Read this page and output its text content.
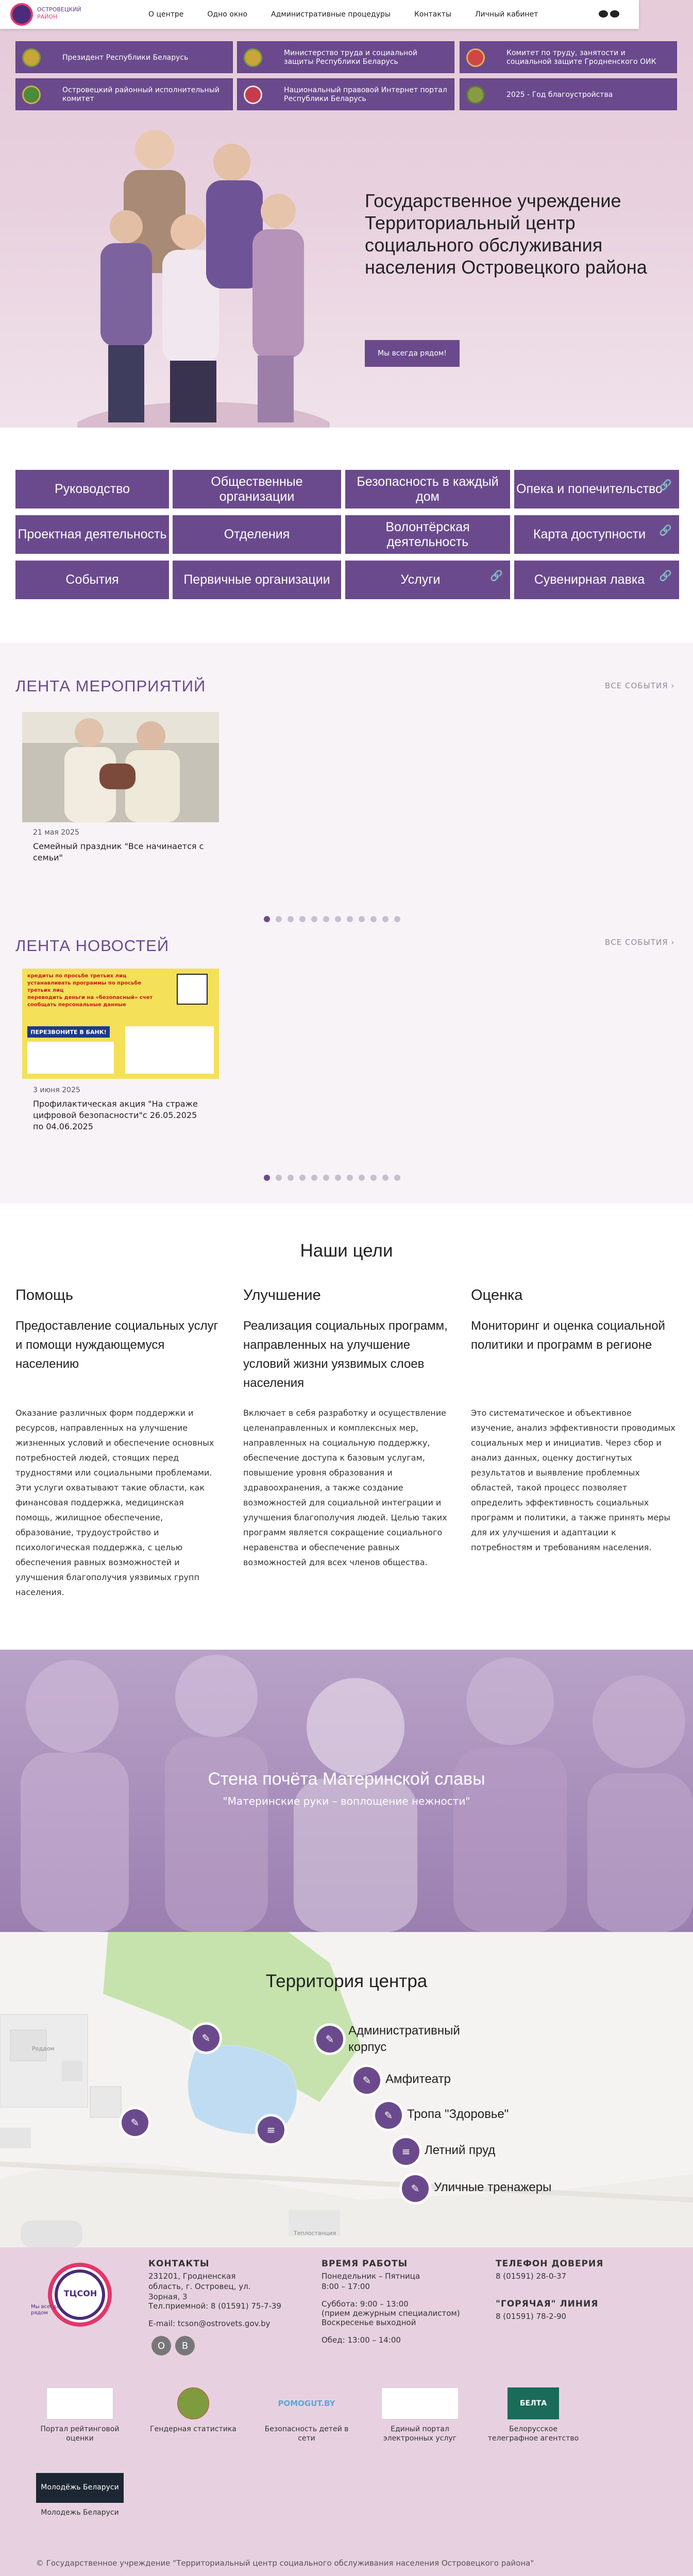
ОСТРОВЕЦКИЙ
РАЙОН	О центре	Одно окно	Административные процедуры	Контакты	Личный кабинет
Президент Республики Беларусь
Министерство труда и социальной защиты Республики Беларусь
Комитет по труду, занятости и социальной защите Гродненского ОИК
Островецкий районный исполнительный комитет
Национальный правовой Интернет портал Республики Беларусь
2025 - Год благоустройства
Государственное учреждение Территориальный центр социального обслуживания населения Островецкого района
Мы всегда рядом!
Руководство
Общественные организации
Безопасность в каждый дом
Опека и попечительство
🔗
Проектная деятельность	Отделения
Волонтёрская деятельность
Карта доступности	🔗
События	Первичные организации	Услуги	🔗 Сувенирная лавка	🔗
ЛЕНТА МЕРОПРИЯТИЙ	ВСЕ СОБЫТИЯ ›
21 мая 2025
Семейный праздник "Все начинается с семьи"
ЛЕНТА НОВОСТЕЙ	ВСЕ СОБЫТИЯ ›
кредиты по просьбе третьих лиц
устанавливать программы по просьбе третьих лиц
переводить деньги на «безопасный» счет
сообщать персональные данные
ПЕРЕЗВОНИТЕ В БАНК!
3 июня 2025
Профилактическая акция "На страже цифровой безопасности"с 26.05.2025 по 04.06.2025
Наши цели
Помощь
Предоставление социальных услуг и помощи нуждающемуся населению
Оказание различных форм поддержки и ресурсов, направленных на улучшение жизненных условий и обеспечение основных потребностей людей, стоящих перед трудностями или социальными проблемами. Эти услуги охватывают такие области, как финансовая поддержка, медицинская помощь, жилищное обеспечение, образование, трудоустройство и психологическая поддержка, с целью обеспечения равных возможностей и улучшения благополучия уязвимых групп населения.
Улучшение
Реализация социальных программ, направленных на улучшение условий жизни уязвимых слоев населения
Включает в себя разработку и осуществление целенаправленных и комплексных мер, направленных на социальную поддержку, обеспечение доступа к базовым услугам, повышение уровня образования и здравоохранения, а также создание возможностей для социальной интеграции и улучшения благополучия людей. Целью таких программ является сокращение социального неравенства и обеспечение равных возможностей для всех членов общества.
Оценка
Мониторинг и оценка социальной политики и программ в регионе
Это систематическое и объективное изучение, анализ эффективности проводимых социальных мер и инициатив. Через сбор и анализ данных, оценку достигнутых результатов и выявление проблемных областей, такой процесс позволяет определить эффективность социальных программ и политики, а также принять меры для их улучшения и адаптации к потребностям и требованиям населения.
Стена почёта Материнской славы
"Материнские руки – воплощение нежности"
Роддом
Теплостанция
✎
✎
≡
Территория центра
✎
Административный корпус
✎	Амфитеатр
✎	Тропа "Здоровье"
≡	Летний пруд
✎	Уличные тренажеры
ТЦСОН
Мы всегда рядом
КОНТАКТЫ
231201, Гродненская область, г. Островец, ул. Зорная, 3
Тел.приемной: 8 (01591) 75-7-39
E-mail: tcson@ostrovets.gov.by
О	В
ВРЕМЯ РАБОТЫ
Понедельник – Пятница
8:00 – 17:00
Суббота: 9:00 – 13:00
(прием дежурным специалистом)
Воскресенье выходной
Обед: 13:00 – 14:00
ТЕЛЕФОН ДОВЕРИЯ
8 (01591) 28-0-37
"ГОРЯЧАЯ" ЛИНИЯ
8 (01591) 78-2-90
Портал рейтинговой оценки
Гендерная статистика
POMOGUT.BY
Безопасность детей в сети
Единый портал электронных услуг
БЕЛТА
Белорусское телеграфное агентство
Молодёжь Беларуси
Молодежь Беларуси
© Государственное учреждение "Территориальный центр социального обслуживания населения Островецкого района"
